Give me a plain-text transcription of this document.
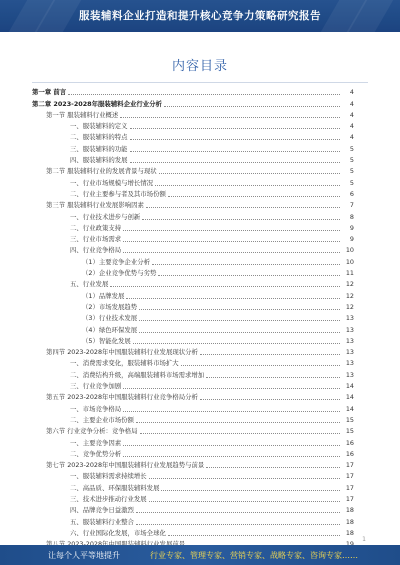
服装辅料企业打造和提升核心竞争力策略研究报告
内容目录
第一章 前言	4
第二章 2023-2028年服装辅料企业行业分析	4
第一节 服装辅料行业概述	4
一、服装辅料的定义	4
二、服装辅料的特点	4
三、服装辅料的功能	5
四、服装辅料的发展	5
第二节 服装辅料行业的发展背景与现状	5
一、行业市场规模与增长情况	5
二、行业主要参与者及其市场份额	6
第三节 服装辅料行业发展影响因素	7
一、行业技术进步与创新	8
二、行业政策支持	9
三、行业市场需求	9
四、行业竞争格局	10
（1）主要竞争企业分析	10
（2）企业竞争优势与劣势	11
五、行业发展	12
（1）品牌发展	12
（2）市场发展趋势	12
（3）行业技术发展	13
（4）绿色环保发展	13
（5）智能化发展	13
第四节 2023-2028年中国服装辅料行业发展现状分析	13
一、消费需求变化，服装辅料市场扩大	13
二、消费结构升级，高端服装辅料市场需求增加	13
三、行业竞争加剧	14
第五节 2023-2028年中国服装辅料行业竞争格局分析	14
一、市场竞争格局	14
二、主要企业市场份额	15
第六节 行业竞争分析：竞争格局	15
一、主要竞争因素	16
二、竞争优势分析	16
第七节 2023-2028年中国服装辅料行业发展趋势与前景	17
一、服装辅料需求持续增长	17
二、高品质、环保服装辅料发展	17
三、技术进步推动行业发展	17
四、品牌竞争日益激烈	18
五、服装辅料行业整合	18
六、行业国际化发展，市场全球化	18
1
让每个人平等地提升	行业专家、管理专家、营销专家、战略专家、咨询专家……
